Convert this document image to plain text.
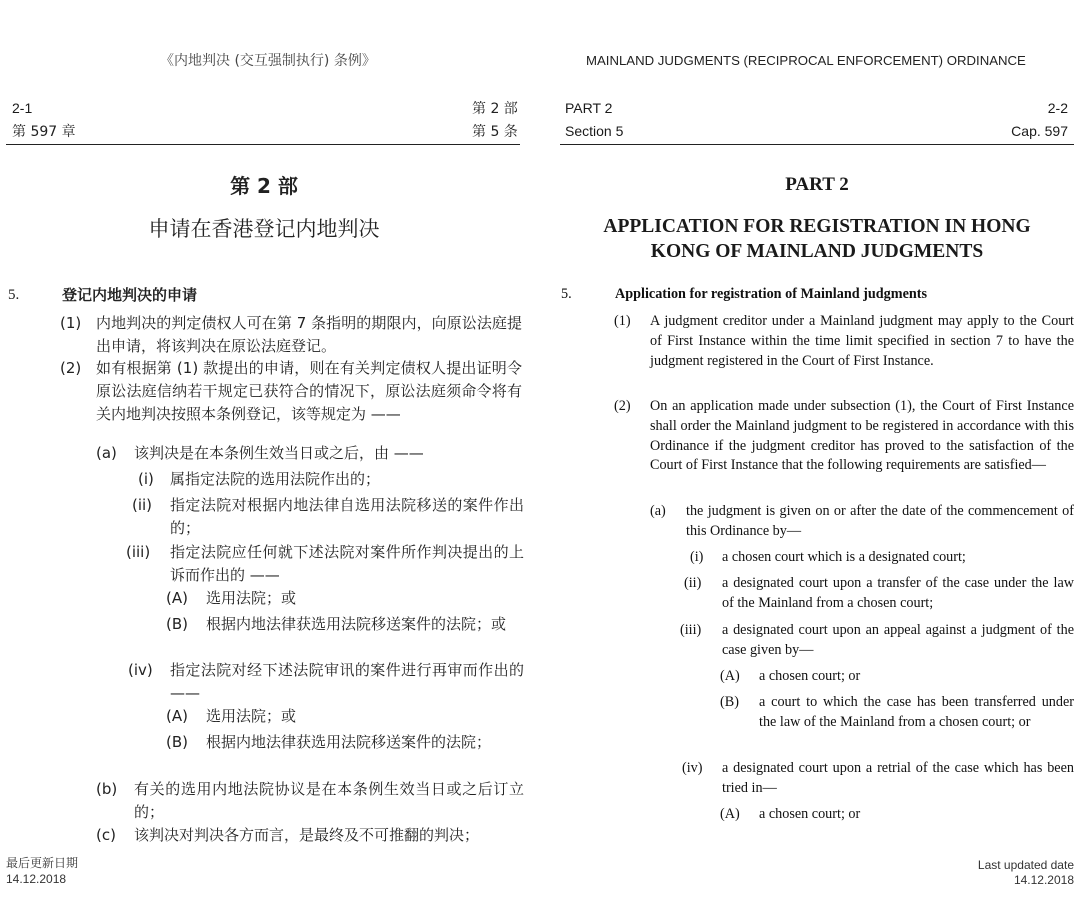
《内地判决 (交互强制执行) 条例》
2-1	第 2 部
第 597 章	第 5 条
第 2 部
申请在香港登记内地判决
5.	登记内地判决的申请
(1) 内地判决的判定债权人可在第 7 条指明的期限内，向原讼法庭提出申请，将该判决在原讼法庭登记。
(2) 如有根据第 (1) 款提出的申请，则在有关判定债权人提出证明令原讼法庭信纳若干规定已获符合的情况下，原讼法庭须命令将有关内地判决按照本条例登记，该等规定为 ——
(a) 该判决是在本条例生效当日或之后，由 ——
(i) 属指定法院的选用法院作出的；
(ii) 指定法院对根据内地法律自选用法院移送的案件作出的；
(iii) 指定法院应任何就下述法院对案件所作判决提出的上诉而作出的 ——
(A) 选用法院；或
(B) 根据内地法律获选用法院移送案件的法院；或
(iv) 指定法院对经下述法院审讯的案件进行再审而作出的 ——
(A) 选用法院；或
(B) 根据内地法律获选用法院移送案件的法院；
(b) 有关的选用内地法院协议是在本条例生效当日或之后订立的；
(c) 该判决对判决各方而言，是最终及不可推翻的判决；
最后更新日期
14.12.2018
MAINLAND JUDGMENTS (RECIPROCAL ENFORCEMENT) ORDINANCE
PART 2	2-2
Section 5	Cap. 597
PART 2
APPLICATION FOR REGISTRATION IN HONG
KONG OF MAINLAND JUDGMENTS
5.	Application for registration of Mainland judgments
(1) A judgment creditor under a Mainland judgment may apply to the Court of First Instance within the time limit specified in section 7 to have the judgment registered in the Court of First Instance.
(2) On an application made under subsection (1), the Court of First Instance shall order the Mainland judgment to be registered in accordance with this Ordinance if the judgment creditor has proved to the satisfaction of the Court of First Instance that the following requirements are satisfied—
(a) the judgment is given on or after the date of the commencement of this Ordinance by—
(i) a chosen court which is a designated court;
(ii) a designated court upon a transfer of the case under the law of the Mainland from a chosen court;
(iii) a designated court upon an appeal against a judgment of the case given by—
(A) a chosen court; or
(B) a court to which the case has been transferred under the law of the Mainland from a chosen court; or
(iv) a designated court upon a retrial of the case which has been tried in—
(A) a chosen court; or
Last updated date
14.12.2018
